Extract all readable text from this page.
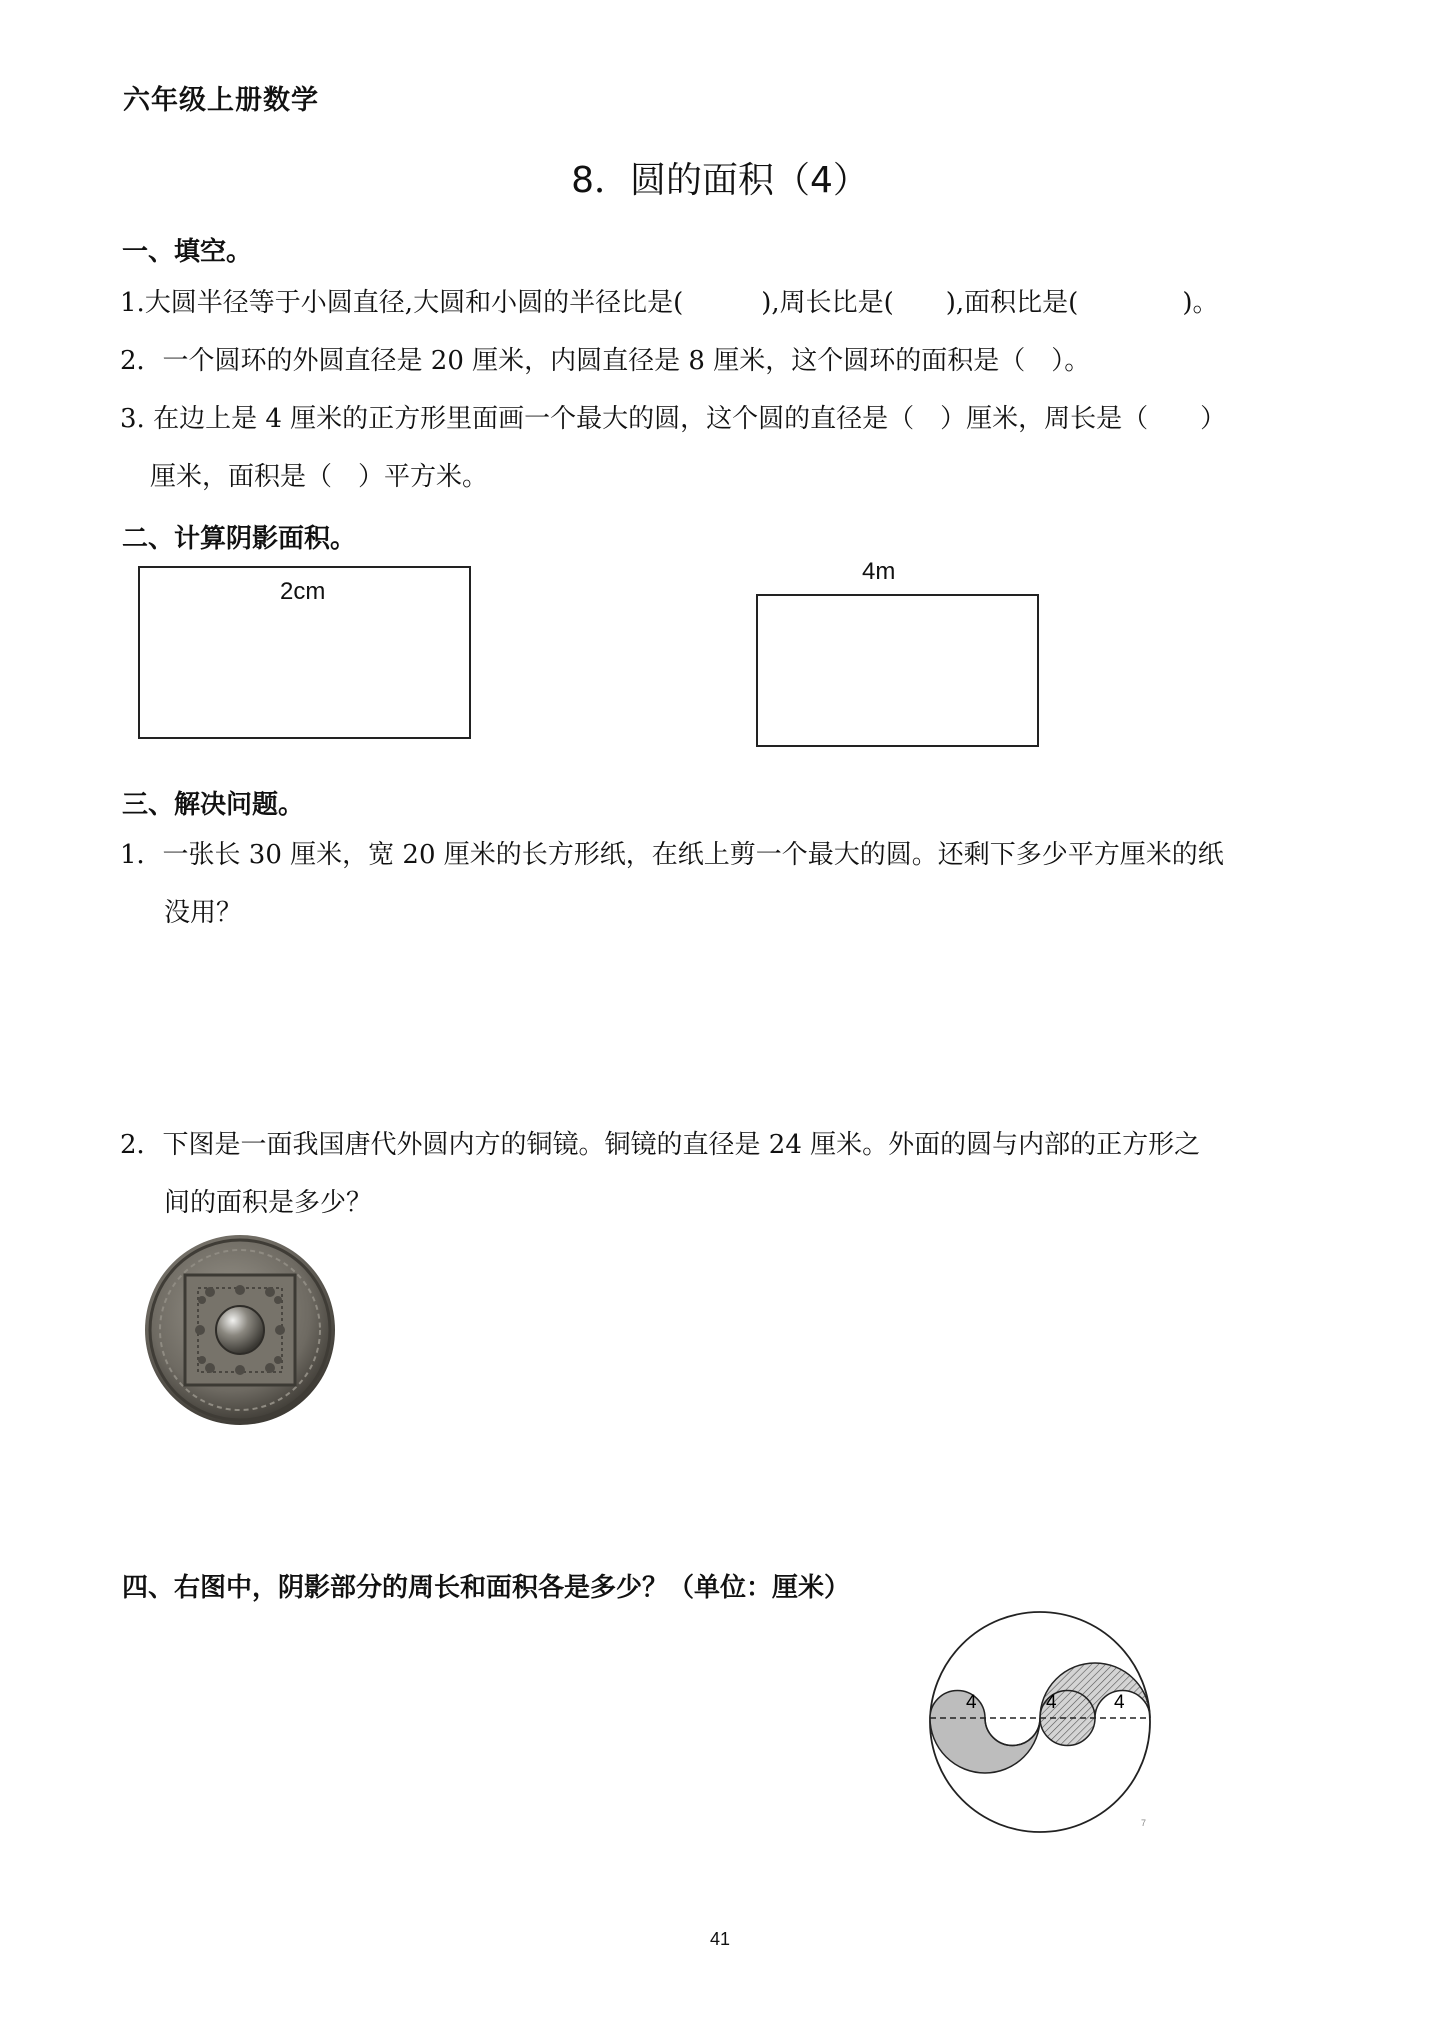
六年级上册数学
8．圆的面积（4）
一、填空。
1.大圆半径等于小圆直径,大圆和小圆的半径比是(　　　),周长比是(　　),面积比是(　　　　)。
2．一个圆环的外圆直径是 20 厘米，内圆直径是 8 厘米，这个圆环的面积是（　）。
3. 在边上是 4 厘米的正方形里面画一个最大的圆，这个圆的直径是（　）厘米，周长是（　　）
厘米，面积是（　）平方米。
二、计算阴影面积。
2cm
4m
三、解决问题。
1．一张长 30 厘米，宽 20 厘米的长方形纸，在纸上剪一个最大的圆。还剩下多少平方厘米的纸
没用？
2．下图是一面我国唐代外圆内方的铜镜。铜镜的直径是 24 厘米。外面的圆与内部的正方形之
间的面积是多少？
四、右图中，阴影部分的周长和面积各是多少？（单位：厘米）
4	4	4
7
41
